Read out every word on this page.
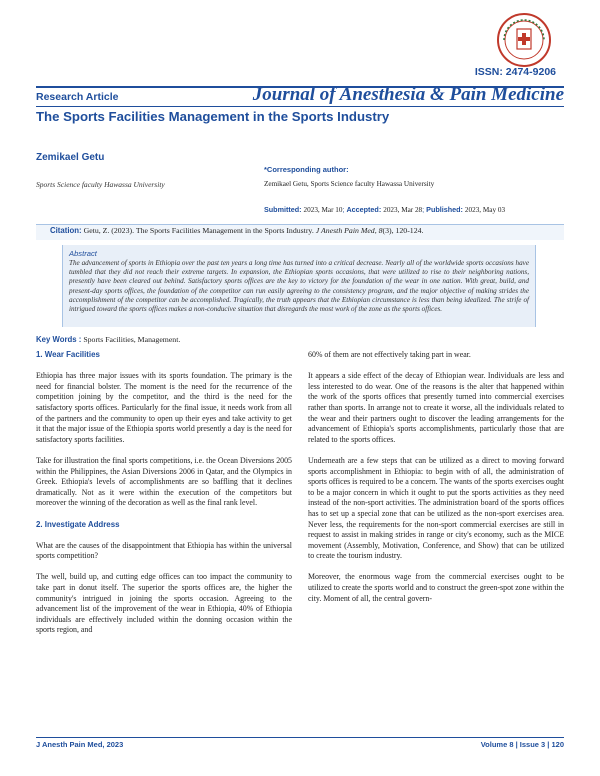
ISSN: 2474-9206
Research Article	Journal of Anesthesia & Pain Medicine
The Sports Facilities Management in the Sports Industry
Zemikael Getu
Sports Science faculty Hawassa University
*Corresponding author:
Zemikael Getu, Sports Science faculty Hawassa University
Submitted: 2023, Mar 10; Accepted: 2023, Mar 28; Published: 2023, May 03
Citation: Getu, Z. (2023). The Sports Facilities Management in the Sports Industry. J Anesth Pain Med, 8(3), 120-124.
Abstract
The advancement of sports in Ethiopia over the past ten years a long time has turned into a critical decrease. Nearly all of the worldwide sports occasions have tumbled that they did not reach their extreme targets. In expansion, the Ethiopian sports occasions, that were utilized to rise to their neighboring nations, presently have been cleared out behind. Satisfactory sports offices are the key to victory for the foundation of the wear in one nation. With great, build, and present-day sports offices, the foundation of the competitor can run easily agreeing to the consistency program, and the major objective of making strides the accomplishment of the competitor can be accomplished. Tragically, the truth appears that the Ethiopian circumstance is less than being idealized. The strife of intrigued toward the sports offices makes a non-conducive situation that disregards the most work of the zone as the sports offices.
Key Words : Sports Facilities, Management.

1. Wear Facilities

Ethiopia has three major issues with its sports foundation. The primary is the need for financial bolster. The moment is the need for the recurrence of the competition joining by the competitor, and the third is the need for the satisfactory sports offices. Particularly for the final issue, it needs work from all of the partners and the community to open up their eyes and take activity to get it that the major issue of the Ethiopia sports world presently a day is the need for satisfactory sports facilities.

Take for illustration the final sports competitions, i.e. the Ocean Diversions 2005 within the Philippines, the Asian Diversions 2006 in Qatar, and the Olympics in Greek. Ethiopia's levels of accomplishments are so baffling that it declines dramatically. Not as it were within the execution of the competitors but moreover the winning of the decoration as well as the final rank level.

2. Investigate Address

What are the causes of the disappointment that Ethiopia has within the universal sports competition?

The well, build up, and cutting edge offices can too impact the community to take part in donut itself. The superior the sports offices are, the higher the community's intrigued in joining the sports occasion. Agreeing to the advancement list of the improvement of the wear in Ethiopia, 40% of Ethiopia individuals are effectively included within the donning occasion within the sports region, and

60% of them are not effectively taking part in wear.

It appears a side effect of the decay of Ethiopian wear. Individuals are less and less interested to do wear. One of the reasons is the alter that happened within the work of the sports offices that presently turned into commercial exercises rather than sports. In arrange not to create it worse, all the individuals related to the wear and their partners ought to discover the leading arrangements for the advancement of Ethiopia's sports accomplishments, particularly those that are related to the sports offices.

Underneath are a few steps that can be utilized as a direct to moving forward sports accomplishment in Ethiopia: to begin with of all, the administration of sports offices is required to be a concern. The wants of the sports exercises ought to be a major concern in which it ought to put the sports activities as they need instead of the non-sport activities. The administration board of the sports offices has to set up a special zone that can be utilized as the non-sport exercises area. Never less, the requirements for the non-sport commercial exercises are still in request to assist in making strides in range or city's economy, such as the MICE movement (Assembly, Motivation, Conference, and Show) that can be utilized to create the tourism industry.

Moreover, the enormous wage from the commercial exercises ought to be utilized to create the sports world and to construct the green-spot zone within the city. Moment of all, the central govern-

J Anesth Pain Med, 2023	Volume 8 | Issue 3 | 120
